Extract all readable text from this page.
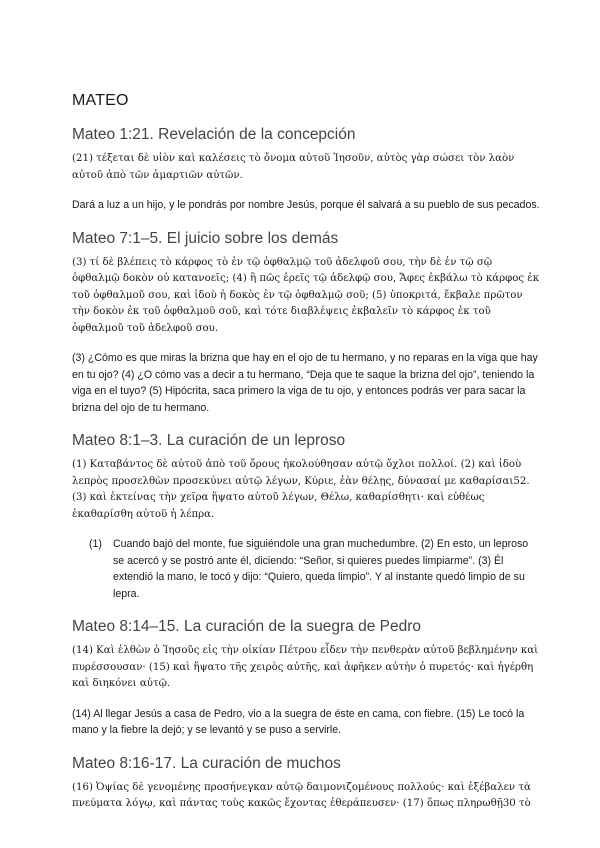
MATEO
Mateo 1:21. Revelación de la concepción

(21) τέξεται δὲ υἱὸν καὶ καλέσεις τὸ ὄνομα αὐτοῦ Ἰησοῦν, αὐτὸς γὰρ σώσει τὸν λαὸν αὐτοῦ ἀπὸ τῶν ἁμαρτιῶν αὐτῶν.

Dará a luz a un hijo, y le pondrás por nombre Jesús, porque él salvará a su pueblo de sus pecados.

Mateo 7:1–5. El juicio sobre los demás

(3) τί δὲ βλέπεις τὸ κάρφος τὸ ἐν τῷ ὀφθαλμῷ τοῦ ἀδελφοῦ σου, τὴν δὲ ἐν τῷ σῷ ὀφθαλμῷ δοκὸν οὐ κατανοεῖς; (4) ἢ πῶς ἐρεῖς τῷ ἀδελφῷ σου, Ἄφες ἐκβάλω τὸ κάρφος ἐκ τοῦ ὀφθαλμοῦ σου, καὶ ἰδοὺ ἡ δοκὸς ἐν τῷ ὀφθαλμῷ σοῦ; (5) ὑποκριτά, ἔκβαλε πρῶτον τὴν δοκὸν ἐκ τοῦ ὀφθαλμοῦ σοῦ, καὶ τότε διαβλέψεις ἐκβαλεῖν τὸ κάρφος ἐκ τοῦ ὀφθαλμοῦ τοῦ ἀδελφοῦ σου.

(3) ¿Cómo es que miras la brizna que hay en el ojo de tu hermano, y no reparas en la viga que hay en tu ojo? (4) ¿O cómo vas a decir a tu hermano, “Deja que te saque la brizna del ojo”, teniendo la viga en el tuyo? (5) Hipócrita, saca primero la viga de tu ojo, y entonces podrás ver para sacar la brizna del ojo de tu hermano.

Mateo 8:1–3. La curación de un leproso

(1) Καταβάντος δὲ αὐτοῦ ἀπὸ τοῦ ὄρους ἠκολούθησαν αὐτῷ ὄχλοι πολλοί. (2) καὶ ἰδοὺ λεπρὸς προσελθὼν προσεκύνει αὐτῷ λέγων, Κύριε, ἐὰν θέλῃς, δύνασαί με καθαρίσαι52. (3) καὶ ἐκτείνας τὴν χεῖρα ἥψατο αὐτοῦ λέγων, Θέλω, καθαρίσθητι· καὶ εὐθέως ἐκαθαρίσθη αὐτοῦ ἡ λέπρα.

(1)	Cuando bajó del monte, fue siguiéndole una gran muchedumbre. (2) En esto, un leproso se acercó y se postró ante él, diciendo: “Señor, si quieres puedes limpiarme”. (3) Él extendió la mano, le tocó y dijo: “Quiero, queda limpio”. Y al instante quedó limpio de su lepra.
Mateo 8:14–15. La curación de la suegra de Pedro

(14) Καὶ ἐλθὼν ὁ Ἰησοῦς εἰς τὴν οἰκίαν Πέτρου εἶδεν τὴν πενθερὰν αὐτοῦ βεβλημένην καὶ πυρέσσουσαν· (15) καὶ ἥψατο τῆς χειρὸς αὐτῆς, καὶ ἀφῆκεν αὐτὴν ὁ πυρετός· καὶ ἠγέρθη καὶ διηκόνει αὐτῷ.

(14) Al llegar Jesús a casa de Pedro, vio a la suegra de éste en cama, con fiebre. (15) Le tocó la mano y la fiebre la dejó; y se levantó y se puso a servirle.

Mateo 8:16-17. La curación de muchos

(16) Ὀψίας δὲ γενομένης προσήνεγκαν αὐτῷ δαιμονιζομένους πολλούς· καὶ ἐξέβαλεν τὰ πνεύματα λόγῳ, καὶ πάντας τοὺς κακῶς ἔχοντας ἐθεράπευσεν· (17) ὅπως πληρωθῇ30 τὸ
